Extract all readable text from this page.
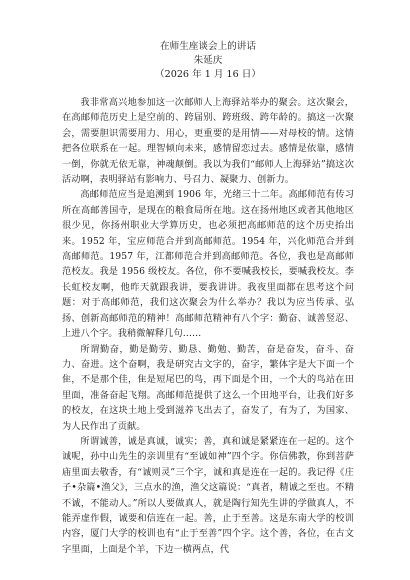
在师生座谈会上的讲话

朱延庆

（2026 年 1 月 16 日）

我非常高兴地参加这一次邮师人上海驿站举办的聚会。这次聚会，在高邮师范历史上是空前的、跨届别、跨班级、跨年龄的。搞这一次聚会，需要胆识需要用力、用心，更重要的是用情——对母校的情。这情把各位联系在一起。理智倾向未来，感情留恋过去。感情是依靠，感情一倒，你就无依无靠，神魂颠倒。我以为我们“邮师人上海驿站”搞这次活动啊，表明驿站有影响力、号召力、凝聚力、创新力。

高邮师范应当是追溯到 1906 年，光绪三十二年。高邮师范有传习所在高邮善国寺，是现在的粮食局所在地。这在扬州地区或者其他地区很少见，你扬州职业大学算历史，也必须把高邮师范的这个历史抬出来。1952 年，宝应师范合并到高邮师范。1954 年，兴化师范合并到高邮师范。1957 年，江都师范合并到高邮师范。各位，我也是高邮师范校友。我是 1956 级校友。各位，你不要喊我校长，要喊我校友。李长虹校友啊，他昨天就跟我讲，要我讲讲。我夜里面都在思考这个问题：对于高邮师范，我们这次聚会为什么举办？我以为应当传承、弘扬、创新高邮师范的精神！高邮师范精神有八个字：勤奋、诚善竖忍、上进八个字。我稍微解释几句……

所谓勤奋，勤是勤劳、勤恳、勤勉、勤苦，奋是奋发，奋斗、奋力、奋进。这个奋啊，我是研究古文字的，奋字，繁体字是大下面一个隹，不是那个佳，隹是短尾巴的鸟，再下面是个田，一个大的鸟站在田里面，准备奋起飞翔。高邮师范提供了这么一个田地平台，让我们好多的校友，在这块土地上受到滋养飞出去了，奋发了，有为了，为国家、为人民作出了贡献。

所谓诚善，诚是真诚，诚实；善，真和诚是紧紧连在一起的。这个诚呢，孙中山先生的亲训里有“至诚如神”四个字。你信佛教，你到菩萨庙里面去敬香，有“诚则灵”三个字，诚和真是连在一起的。我记得《庄子•杂篇•渔父》，三点水的渔，渔父这篇说：“真者，精诚之至也。不精不诚，不能动人。”所以人要做真人，就是陶行知先生讲的学做真人，不能弄虚作假，诚要和信连在一起。善，止于至善。这是东南大学的校训内容，厦门大学的校训也有“止于至善”四个字。这个善，各位，在古文字里面，上面是个羊，下边一横两点，代
